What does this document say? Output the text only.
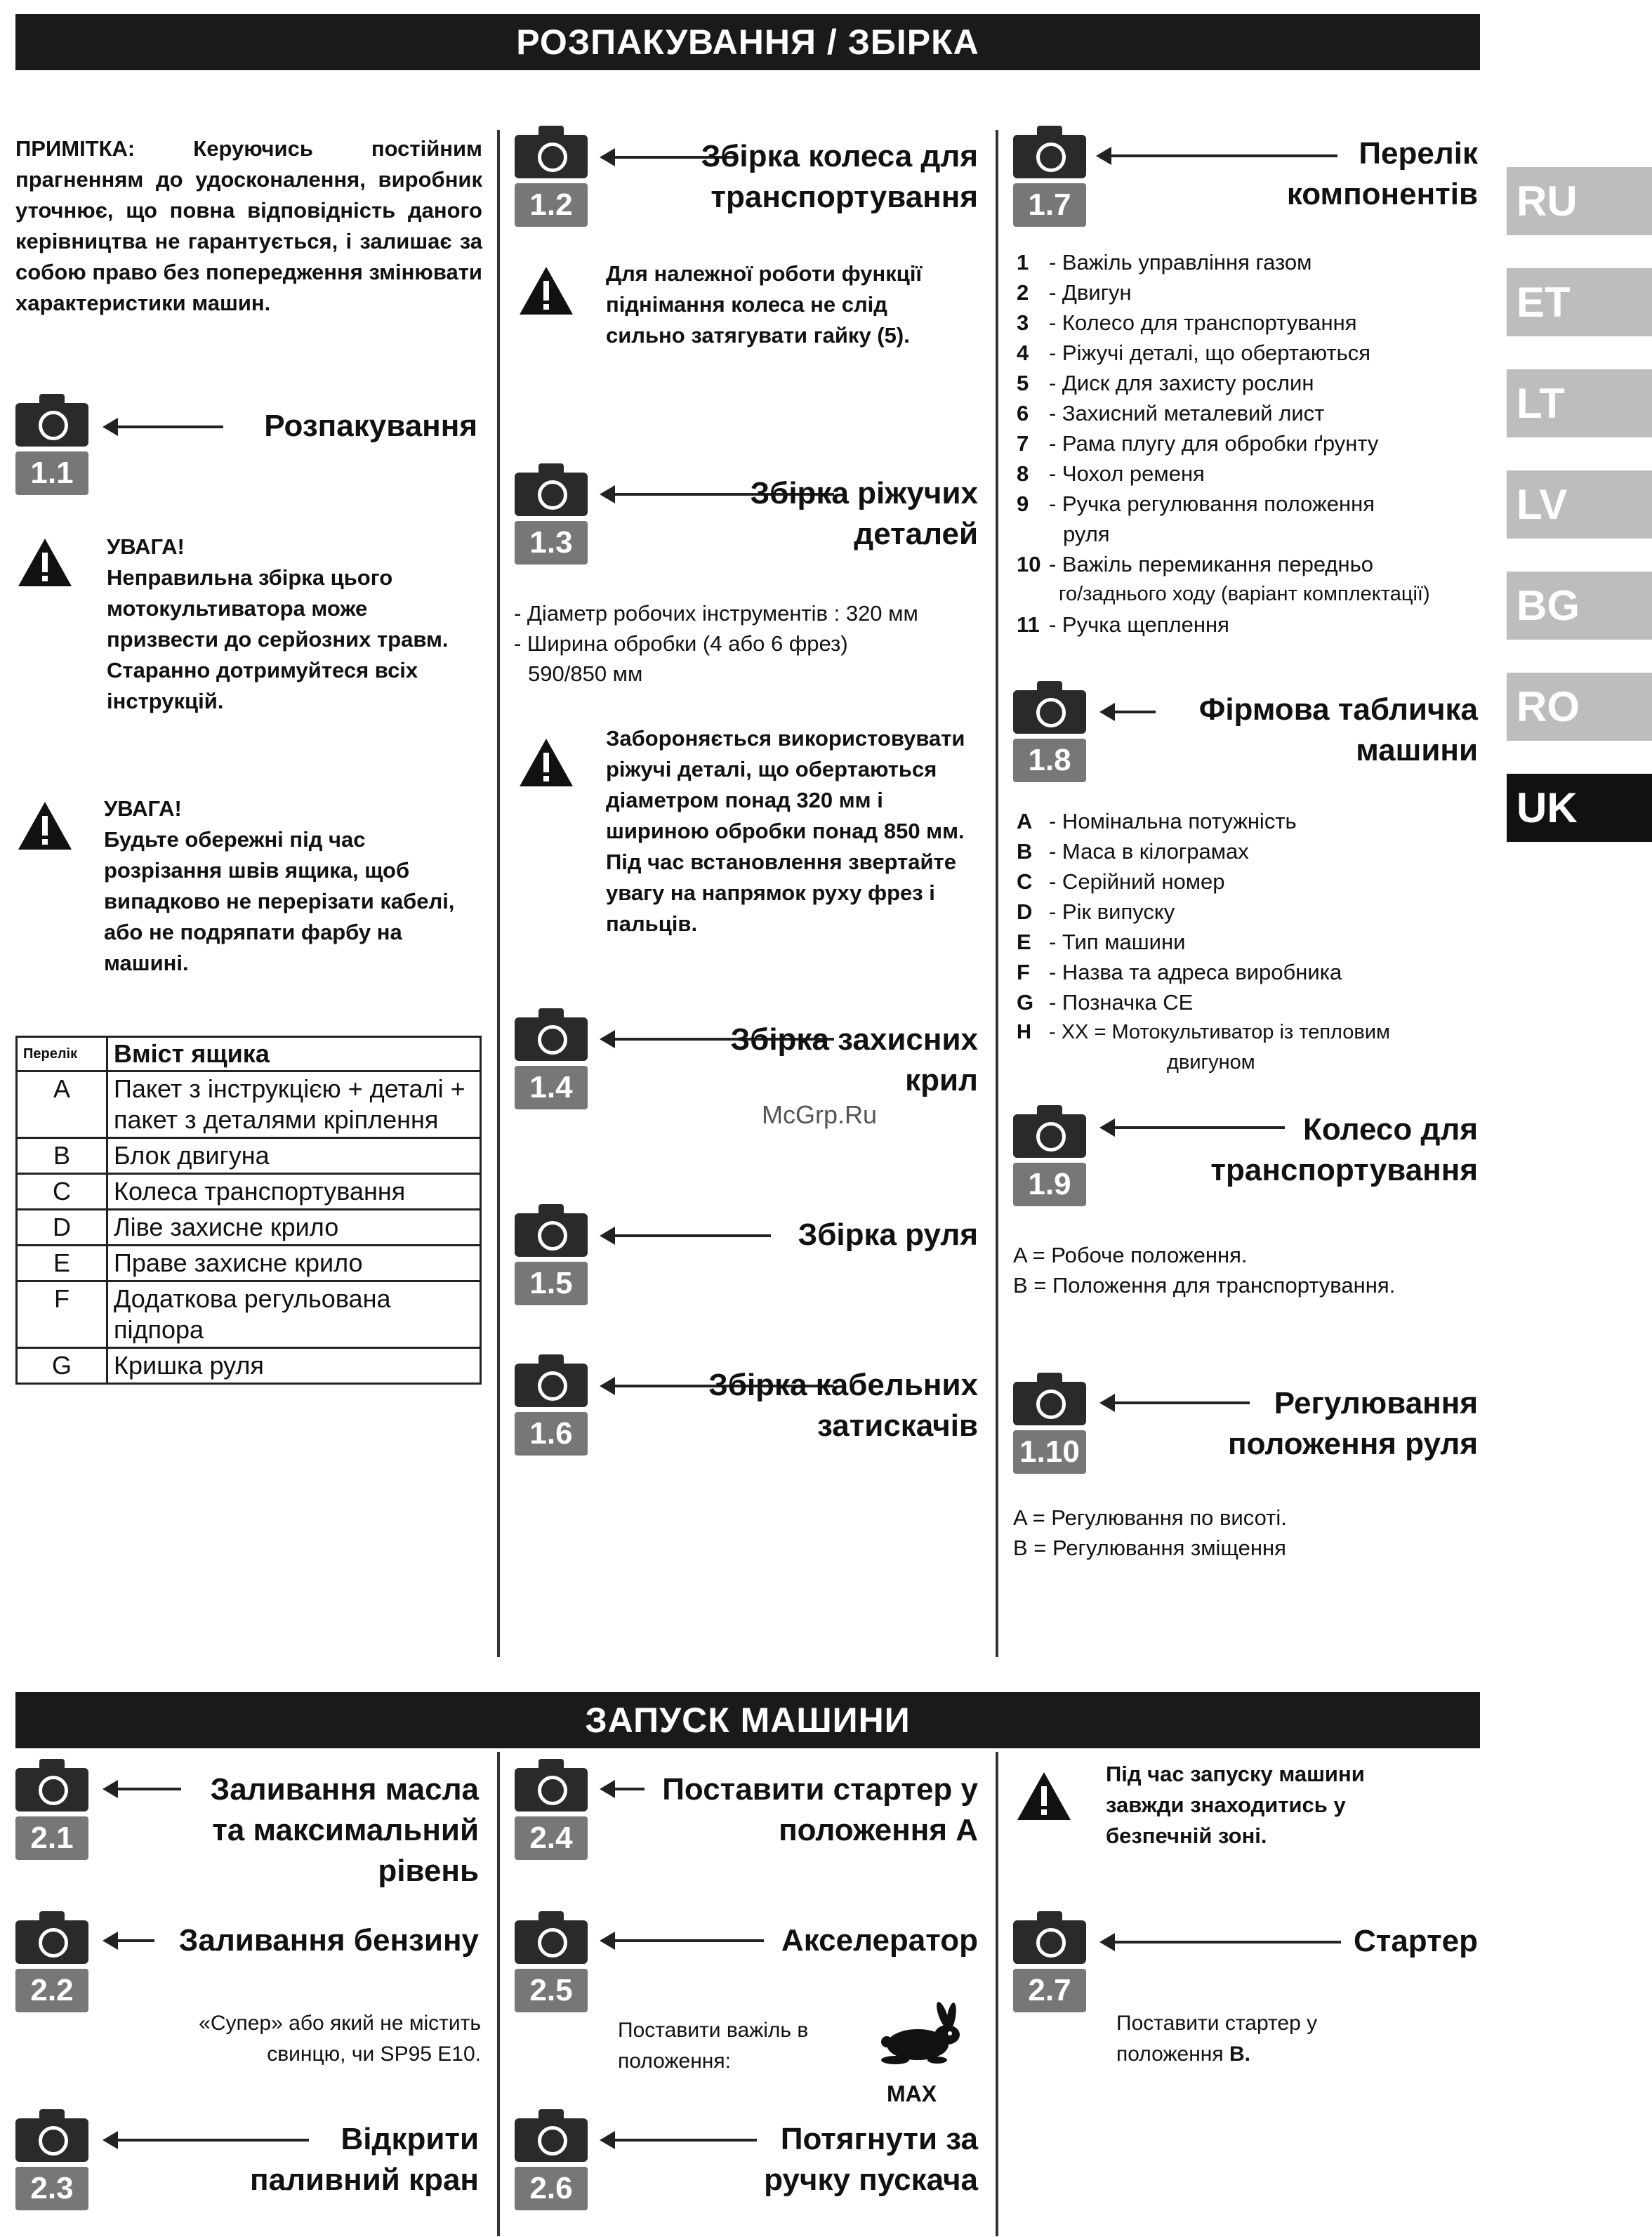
РОЗПАКУВАННЯ / ЗБІРКА
RU
ET
LT
LV
BG
RO
UK
ПРИМІТКА: Керуючись постійним прагненням до удосконалення, виробник уточнює, що повна відповідність даного керівництва не гарантується, і залишає за собою право без попередження змінювати характеристики машин.
1.1
Розпакування
УВАГА!
Неправильна збірка цього мотокультиватора може призвести до серйозних травм. Старанно дотримуйтеся всіх інструкцій.
УВАГА!
Будьте обережні під час розрізання швів ящика, щоб випадково не перерізати кабелі, або не подряпати фарбу на машині.
Перелік	Вміст ящика
A	Пакет з інструкцією + деталі + пакет з деталями кріплення
B	Блок двигуна
C	Колеса транспортування
D	Ліве захисне крило
E	Праве захисне крило
F	Додаткова регульована підпора
G	Кришка руля
1.2
Збірка колеса для транспортування
Для належної роботи функції піднімання колеса не слід сильно затягувати гайку (5).
1.3
Збірка ріжучих деталей
- Діаметр робочих інструментів : 320 мм
- Ширина обробки (4 або 6 фрез)
590/850 мм
Забороняється використовувати ріжучі деталі, що обертаються діаметром понад 320 мм і шириною обробки понад 850 мм. Під час встановлення звертайте увагу на напрямок руху фрез і пальців.
1.4
Збірка захисних крил
1.5
Збірка руля
1.6
Збірка кабельних затискачів
1.7
Перелік компонентів
1 - Важіль управління газом
2 - Двигун
3 - Колесо для транспортування
4 - Ріжучі деталі, що обертаються
5 - Диск для захисту рослин
6 - Захисний металевий лист
7 - Рама плугу для обробки ґрунту
8 - Чохол ременя
9 - Ручка регулювання положення
руля
10 - Важіль перемикання передньо
го/заднього ходу (варіант комплектації)
11 - Ручка щеплення
1.8
Фірмова табличка машини
A - Номінальна потужність
B - Маса в кілограмах
C - Серійний номер
D - Рік випуску
E - Тип машини
F - Назва та адреса виробника
G - Позначка CE
H - XX = Мотокультиватор із тепловим
двигуном
1.9
Колесо для транспортування
A = Робоче положення.
B = Положення для транспортування.
1.10
Регулювання положення руля
A = Регулювання по висоті.
B = Регулювання зміщення
McGrp.Ru
ЗАПУСК МАШИНИ
2.1
Заливання масла та максимальний рівень
2.2
Заливання бензину
«Супер» або який не містить свинцю, чи SP95 E10.
2.3
Відкрити паливний кран
2.4
Поставити стартер у положення А
2.5
Акселератор
Поставити важіль в положення:
MAX
2.6
Потягнути за ручку пускача
Під час запуску машини завжди знаходитись у безпечній зоні.
2.7
Стартер
Поставити стартер у положення B.
